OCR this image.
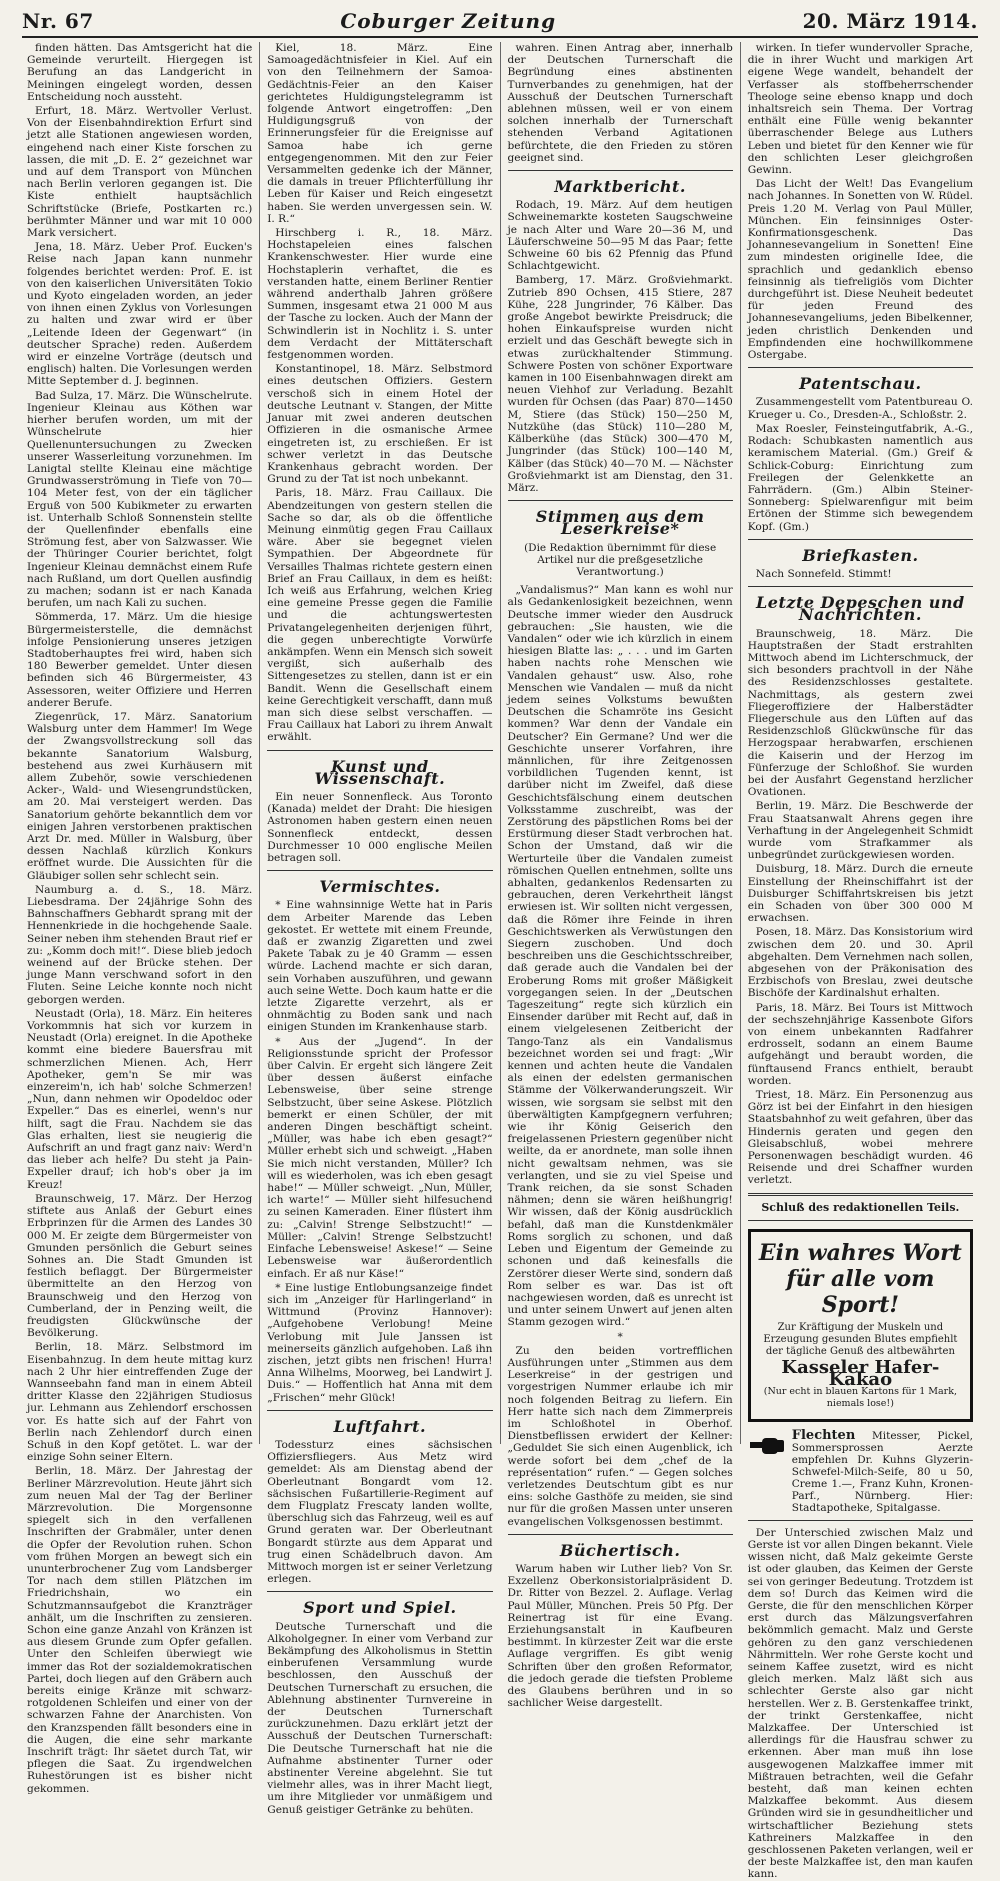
Nr. 67	Coburger Zeitung	20. März 1914.

finden hätten. Das Amtsgericht hat die Gemeinde verurteilt. Hiergegen ist Berufung an das Landgericht in Meiningen eingelegt worden, dessen Entscheidung noch aussteht.

Erfurt, 18. März. Wertvoller Verlust. Von der Eisenbahndirektion Erfurt sind jetzt alle Stationen angewiesen worden, eingehend nach einer Kiste forschen zu lassen, die mit „D. E. 2“ gezeichnet war und auf dem Transport von München nach Berlin verloren gegangen ist. Die Kiste enthielt hauptsächlich Schriftstücke (Briefe, Postkarten rc.) berühmter Männer und war mit 10 000 Mark versichert.

Jena, 18. März. Ueber Prof. Eucken's Reise nach Japan kann nunmehr folgendes berichtet werden: Prof. E. ist von den kaiserlichen Universitäten Tokio und Kyoto eingeladen worden, an jeder von ihnen einen Zyklus von Vorlesungen zu halten und zwar wird er über „Leitende Ideen der Gegenwart“ (in deutscher Sprache) reden. Außerdem wird er einzelne Vorträge (deutsch und englisch) halten. Die Vorlesungen werden Mitte September d. J. beginnen.

Bad Sulza, 17. März. Die Wünschelrute. Ingenieur Kleinau aus Köthen war hierher berufen worden, um mit der Wünschelrute hier Quellenuntersuchungen zu Zwecken unserer Wasserleitung vorzunehmen. Im Lanigtal stellte Kleinau eine mächtige Grundwasserströmung in Tiefe von 70—104 Meter fest, von der ein täglicher Erguß von 500 Kubikmeter zu erwarten ist. Unterhalb Schloß Sonnenstein stellte der Quellenfinder ebenfalls eine Strömung fest, aber von Salzwasser. Wie der Thüringer Courier berichtet, folgt Ingenieur Kleinau demnächst einem Rufe nach Rußland, um dort Quellen ausfindig zu machen; sodann ist er nach Kanada berufen, um nach Kali zu suchen.

Sömmerda, 17. März. Um die hiesige Bürgermeisterstelle, die demnächst infolge Pensionierung unseres jetzigen Stadtoberhauptes frei wird, haben sich 180 Bewerber gemeldet. Unter diesen befinden sich 46 Bürgermeister, 43 Assessoren, weiter Offiziere und Herren anderer Berufe.

Ziegenrück, 17. März. Sanatorium Walsburg unter dem Hammer! Im Wege der Zwangsvollstreckung soll das bekannte Sanatorium Walsburg, bestehend aus zwei Kurhäusern mit allem Zubehör, sowie verschiedenen Acker-, Wald- und Wiesengrundstücken, am 20. Mai versteigert werden. Das Sanatorium gehörte bekanntlich dem vor einigen Jahren verstorbenen praktischen Arzt Dr. med. Müller in Walsburg, über dessen Nachlaß kürzlich Konkurs eröffnet wurde. Die Aussichten für die Gläubiger sollen sehr schlecht sein.

Naumburg a. d. S., 18. März. Liebesdrama. Der 24jährige Sohn des Bahnschaffners Gebhardt sprang mit der Hennenkriede in die hochgehende Saale. Seiner neben ihm stehenden Braut rief er zu: „Komm doch mit!“. Diese blieb jedoch weinend auf der Brücke stehen. Der junge Mann verschwand sofort in den Fluten. Seine Leiche konnte noch nicht geborgen werden.

Neustadt (Orla), 18. März. Ein heiteres Vorkommnis hat sich vor kurzem in Neustadt (Orla) ereignet. In die Apotheke kommt eine biedere Bauersfrau mit schmerzlichen Mienen. Ach, Herr Apotheker, gem'n Se mir was einzereim'n, ich hab' solche Schmerzen! „Nun, dann nehmen wir Opodeldoc oder Expeller.“ Das es einerlei, wenn's nur hilft, sagt die Frau. Nachdem sie das Glas erhalten, liest sie neugierig die Aufschrift an und fragt ganz naiv: Werd'n das lieber ach helfe? Du steht ja Pain-Expeller drauf; ich hob's ober ja im Kreuz!

Braunschweig, 17. März. Der Herzog stiftete aus Anlaß der Geburt eines Erbprinzen für die Armen des Landes 30 000 M. Er zeigte dem Bürgermeister von Gmunden persönlich die Geburt seines Sohnes an. Die Stadt Gmunden ist festlich beflaggt. Der Bürgermeister übermittelte an den Herzog von Braunschweig und den Herzog von Cumberland, der in Penzing weilt, die freudigsten Glückwünsche der Bevölkerung.

Berlin, 18. März. Selbstmord im Eisenbahnzug. In dem heute mittag kurz nach 2 Uhr hier eintreffenden Zuge der Wannseebahn fand man in einem Abteil dritter Klasse den 22jährigen Studiosus jur. Lehmann aus Zehlendorf erschossen vor. Es hatte sich auf der Fahrt von Berlin nach Zehlendorf durch einen Schuß in den Kopf getötet. L. war der einzige Sohn seiner Eltern.

Berlin, 18. März. Der Jahrestag der Berliner Märzrevolution. Heute jährt sich zum neuen Mal der Tag der Berliner Märzrevolution. Die Morgensonne spiegelt sich in den verfallenen Inschriften der Grabmäler, unter denen die Opfer der Revolution ruhen. Schon vom frühen Morgen an bewegt sich ein ununterbrochener Zug vom Landsberger Tor nach dem stillen Plätzchen im Friedrichshain, wo ein Schutzmannsaufgebot die Kranzträger anhält, um die Inschriften zu zensieren. Schon eine ganze Anzahl von Kränzen ist aus diesem Grunde zum Opfer gefallen. Unter den Schleifen überwiegt wie immer das Rot der sozialdemokratischen Partei, doch liegen auf den Gräbern auch bereits einige Kränze mit schwarz-rotgoldenen Schleifen und einer von der schwarzen Fahne der Anarchisten. Von den Kranzspenden fällt besonders eine in die Augen, die eine sehr markante Inschrift trägt: Ihr säetet durch Tat, wir pflegen die Saat. Zu irgendwelchen Ruhestörungen ist es bisher nicht gekommen.

Kiel, 18. März. Eine Samoagedächtnisfeier in Kiel. Auf ein von den Teilnehmern der Samoa-Gedächtnis-Feier an den Kaiser gerichtetes Huldigungstelegramm ist folgende Antwort eingetroffen: „Den Huldigungsgruß von der Erinnerungsfeier für die Ereignisse auf Samoa habe ich gerne entgegengenommen. Mit den zur Feier Versammelten gedenke ich der Männer, die damals in treuer Pflichterfüllung ihr Leben für Kaiser und Reich eingesetzt haben. Sie werden unvergessen sein. W. I. R.“

Hirschberg i. R., 18. März. Hochstapeleien eines falschen Krankenschwester. Hier wurde eine Hochstaplerin verhaftet, die es verstanden hatte, einem Berliner Rentier während anderthalb Jahren größere Summen, insgesamt etwa 21 000 M aus der Tasche zu locken. Auch der Mann der Schwindlerin ist in Nochlitz i. S. unter dem Verdacht der Mittäterschaft festgenommen worden.

Konstantinopel, 18. März. Selbstmord eines deutschen Offiziers. Gestern verschoß sich in einem Hotel der deutsche Leutnant v. Stangen, der Mitte Januar mit zwei anderen deutschen Offizieren in die osmanische Armee eingetreten ist, zu erschießen. Er ist schwer verletzt in das Deutsche Krankenhaus gebracht worden. Der Grund zu der Tat ist noch unbekannt.

Paris, 18. März. Frau Caillaux. Die Abendzeitungen von gestern stellen die Sache so dar, als ob die öffentliche Meinung einmütig gegen Frau Caillaux wäre. Aber sie begegnet vielen Sympathien. Der Abgeordnete für Versailles Thalmas richtete gestern einen Brief an Frau Caillaux, in dem es heißt: Ich weiß aus Erfahrung, welchen Krieg eine gemeine Presse gegen die Familie und die achtungswertesten Privatangelegenheiten derjenigen führt, die gegen unberechtigte Vorwürfe ankämpfen. Wenn ein Mensch sich soweit vergißt, sich außerhalb des Sittengesetzes zu stellen, dann ist er ein Bandit. Wenn die Gesellschaft einem keine Gerechtigkeit verschafft, dann muß man sich diese selbst verschaffen. — Frau Caillaux hat Labori zu ihrem Anwalt erwählt.

Kunst und Wissenschaft.

Ein neuer Sonnenfleck. Aus Toronto (Kanada) meldet der Draht: Die hiesigen Astronomen haben gestern einen neuen Sonnenfleck entdeckt, dessen Durchmesser 10 000 englische Meilen betragen soll.

Vermischtes.

* Eine wahnsinnige Wette hat in Paris dem Arbeiter Marende das Leben gekostet. Er wettete mit einem Freunde, daß er zwanzig Zigaretten und zwei Pakete Tabak zu je 40 Gramm — essen würde. Lachend machte er sich daran, sein Vorhaben auszuführen, und gewann auch seine Wette. Doch kaum hatte er die letzte Zigarette verzehrt, als er ohnmächtig zu Boden sank und nach einigen Stunden im Krankenhause starb.

* Aus der „Jugend“. In der Religionsstunde spricht der Professor über Calvin. Er ergeht sich längere Zeit über dessen äußerst einfache Lebensweise, über seine strenge Selbstzucht, über seine Askese. Plötzlich bemerkt er einen Schüler, der mit anderen Dingen beschäftigt scheint. „Müller, was habe ich eben gesagt?“ Müller erhebt sich und schweigt. „Haben Sie mich nicht verstanden, Müller? Ich will es wiederholen, was ich eben gesagt habe!“ — Müller schweigt. „Nun, Müller, ich warte!“ — Müller sieht hilfesuchend zu seinen Kameraden. Einer flüstert ihm zu: „Calvin! Strenge Selbstzucht!“ — Müller: „Calvin! Strenge Selbstzucht! Einfache Lebensweise! Askese!“ — Seine Lebensweise war äußerordentlich einfach. Er aß nur Käse!“

* Eine lustige Entlobungsanzeige findet sich im „Anzeiger für Harlingerland“ in Wittmund (Provinz Hannover): „Aufgehobene Verlobung! Meine Verlobung mit Jule Janssen ist meinerseits gänzlich aufgehoben. Laß ihn zischen, jetzt gibts nen frischen! Hurra! Anna Wilhelms, Moorweg, bei Landwirt J. Duis.“ — Hoffentlich hat Anna mit dem „Frischen“ mehr Glück!

Luftfahrt.

Todessturz eines sächsischen Offiziersfliegers. Aus Metz wird gemeldet: Als am Dienstag abend der Oberleutnant Bongardt vom 12. sächsischen Fußartillerie-Regiment auf dem Flugplatz Frescaty landen wollte, überschlug sich das Fahrzeug, weil es auf Grund geraten war. Der Oberleutnant Bongardt stürzte aus dem Apparat und trug einen Schädelbruch davon. Am Mittwoch morgen ist er seiner Verletzung erlegen.

Sport und Spiel.

Deutsche Turnerschaft und die Alkoholgegner. In einer vom Verband zur Bekämpfung des Alkoholismus in Stettin einberufenen Versammlung wurde beschlossen, den Ausschuß der Deutschen Turnerschaft zu ersuchen, die Ablehnung abstinenter Turnvereine in der Deutschen Turnerschaft zurückzunehmen. Dazu erklärt jetzt der Ausschuß der Deutschen Turnerschaft: Die Deutsche Turnerschaft hat nie die Aufnahme abstinenter Turner oder abstinenter Vereine abgelehnt. Sie tut vielmehr alles, was in ihrer Macht liegt, um ihre Mitglieder vor unmäßigem und Genuß geistiger Getränke zu behüten.

wahren. Einen Antrag aber, innerhalb der Deutschen Turnerschaft die Begründung eines abstinenten Turnverbandes zu genehmigen, hat der Ausschuß der Deutschen Turnerschaft ablehnen müssen, weil er von einem solchen innerhalb der Turnerschaft stehenden Verband Agitationen befürchtete, die den Frieden zu stören geeignet sind.

Marktbericht.

Rodach, 19. März. Auf dem heutigen Schweinemarkte kosteten Saugschweine je nach Alter und Ware 20—36 M, und Läuferschweine 50—95 M das Paar; fette Schweine 60 bis 62 Pfennig das Pfund Schlachtgewicht.

Bamberg, 17. März. Großviehmarkt. Zutrieb 890 Ochsen, 415 Stiere, 287 Kühe, 228 Jungrinder, 76 Kälber. Das große Angebot bewirkte Preisdruck; die hohen Einkaufspreise wurden nicht erzielt und das Geschäft bewegte sich in etwas zurückhaltender Stimmung. Schwere Posten von schöner Exportware kamen in 100 Eisenbahnwagen direkt am neuen Viehhof zur Verladung. Bezahlt wurden für Ochsen (das Paar) 870—1450 M, Stiere (das Stück) 150—250 M, Nutzkühe (das Stück) 110—280 M, Kälberkühe (das Stück) 300—470 M, Jungrinder (das Stück) 100—140 M, Kälber (das Stück) 40—70 M. — Nächster Großviehmarkt ist am Dienstag, den 31. März.

Stimmen aus dem Leserkreise*
(Die Redaktion übernimmt für diese Artikel nur die preßgesetzliche Verantwortung.)

„Vandalismus?“ Man kann es wohl nur als Gedankenlosigkeit bezeichnen, wenn Deutsche immer wieder den Ausdruck gebrauchen: „Sie hausten, wie die Vandalen“ oder wie ich kürzlich in einem hiesigen Blatte las: „ . . . und im Garten haben nachts rohe Menschen wie Vandalen gehaust“ usw. Also, rohe Menschen wie Vandalen — muß da nicht jedem seines Volkstums bewußten Deutschen die Schamröte ins Gesicht kommen? War denn der Vandale ein Deutscher? Ein Germane? Und wer die Geschichte unserer Vorfahren, ihre männlichen, für ihre Zeitgenossen vorbildlichen Tugenden kennt, ist darüber nicht im Zweifel, daß diese Geschichtsfälschung einem deutschen Volksstamme zuschreibt, was der Zerstörung des päpstlichen Roms bei der Erstürmung dieser Stadt verbrochen hat. Schon der Umstand, daß wir die Werturteile über die Vandalen zumeist römischen Quellen entnehmen, sollte uns abhalten, gedankenlos Redensarten zu gebrauchen, deren Verkehrtheit längst erwiesen ist. Wir sollten nicht vergessen, daß die Römer ihre Feinde in ihren Geschichtswerken als Verwüstungen den Siegern zuschoben. Und doch beschreiben uns die Geschichtsschreiber, daß gerade auch die Vandalen bei der Eroberung Roms mit großer Mäßigkeit vorgegangen seien. In der „Deutschen Tageszeitung“ regte sich kürzlich ein Einsender darüber mit Recht auf, daß in einem vielgelesenen Zeitbericht der Tango-Tanz als ein Vandalismus bezeichnet worden sei und fragt: „Wir kennen und achten heute die Vandalen als einen der edelsten germanischen Stämme der Völkerwanderungszeit. Wir wissen, wie sorgsam sie selbst mit den überwältigten Kampfgegnern verfuhren; wie ihr König Geiserich den freigelassenen Priestern gegenüber nicht weilte, da er anordnete, man solle ihnen nicht gewaltsam nehmen, was sie verlangten, und sie zu viel Speise und Trank reichen, da sie sonst Schaden nähmen; denn sie wären heißhungrig! Wir wissen, daß der König ausdrücklich befahl, daß man die Kunstdenkmäler Roms sorglich zu schonen, und daß Leben und Eigentum der Gemeinde zu schonen und daß keinesfalls die Zerstörer dieser Werte sind, sondern daß Rom selber es war. Das ist oft nachgewiesen worden, daß es unrecht ist und unter seinem Unwert auf jenen alten Stamm gezogen wird.“

*

Zu den beiden vortrefflichen Ausführungen unter „Stimmen aus dem Leserkreise“ in der gestrigen und vorgestrigen Nummer erlaube ich mir noch folgenden Beitrag zu liefern. Ein Herr hatte sich nach dem Zimmerpreis im Schloßhotel in Oberhof. Dienstbeflissen erwidert der Kellner: „Geduldet Sie sich einen Augenblick, ich werde sofort bei dem „chef de la représentation“ rufen.“ — Gegen solches verletzendes Deutschtum gibt es nur eins: solche Gasthöfe zu meiden, sie sind nur für die großen Massen unter unseren evangelischen Volksgenossen bestimmt.

Büchertisch.

Warum haben wir Luther lieb? Von Sr. Exzellenz Oberkonsistorialpräsident D. Dr. Ritter von Bezzel. 2. Auflage. Verlag Paul Müller, München. Preis 50 Pfg. Der Reinertrag ist für eine Evang. Erziehungsanstalt in Kaufbeuren bestimmt. In kürzester Zeit war die erste Auflage vergriffen. Es gibt wenig Schriften über den großen Reformator, die jedoch gerade die tiefsten Probleme des Glaubens berühren und in so sachlicher Weise dargestellt.

wirken. In tiefer wundervoller Sprache, die in ihrer Wucht und markigen Art eigene Wege wandelt, behandelt der Verfasser als stoffbeherrschender Theologe seine ebenso knapp und doch inhaltsreich sein Thema. Der Vortrag enthält eine Fülle wenig bekannter überraschender Belege aus Luthers Leben und bietet für den Kenner wie für den schlichten Leser gleichgroßen Gewinn.

Das Licht der Welt! Das Evangelium nach Johannes. In Sonetten von W. Rüdel. Preis 1.20 M. Verlag von Paul Müller, München. Ein feinsinniges Oster- Konfirmationsgeschenk. Das Johannesevangelium in Sonetten! Eine zum mindesten originelle Idee, die sprachlich und gedanklich ebenso feinsinnig als tiefreligiös vom Dichter durchgeführt ist. Diese Neuheit bedeutet für jeden Freund des Johannesevangeliums, jeden Bibelkenner, jeden christlich Denkenden und Empfindenden eine hochwillkommene Ostergabe.

Patentschau.

Zusammengestellt vom Patentbureau O. Krueger u. Co., Dresden-A., Schloßstr. 2.

Max Roesler, Feinsteingutfabrik, A.-G., Rodach: Schubkasten namentlich aus keramischem Material. (Gm.) Greif & Schlick-Coburg: Einrichtung zum Freilegen der Gelenkkette an Fahrrädern. (Gm.) Albin Steiner-Sonneberg: Spielwarenfigur mit beim Ertönen der Stimme sich bewegendem Kopf. (Gm.)

Briefkasten.

Nach Sonnefeld. Stimmt!

Letzte Depeschen und Nachrichten.

Braunschweig, 18. März. Die Hauptstraßen der Stadt erstrahlten Mittwoch abend im Lichterschmuck, der sich besonders prachtvoll in der Nähe des Residenzschlosses gestaltete. Nachmittags, als gestern zwei Fliegeroffiziere der Halberstädter Fliegerschule aus den Lüften auf das Residenzschloß Glückwünsche für das Herzogspaar herabwarfen, erschienen die Kaiserin und der Herzog im Fünferzuge der Schloßhof. Sie wurden bei der Ausfahrt Gegenstand herzlicher Ovationen.

Berlin, 19. März. Die Beschwerde der Frau Staatsanwalt Ahrens gegen ihre Verhaftung in der Angelegenheit Schmidt wurde vom Strafkammer als unbegründet zurückgewiesen worden.

Duisburg, 18. März. Durch die erneute Einstellung der Rheinschiffahrt ist der Duisburger Schiffahrtskreisen bis jetzt ein Schaden von über 300 000 M erwachsen.

Posen, 18. März. Das Konsistorium wird zwischen dem 20. und 30. April abgehalten. Dem Vernehmen nach sollen, abgesehen von der Präkonisation des Erzbischofs von Breslau, zwei deutsche Bischöfe der Kardinalshut erhalten.

Paris, 18. März. Bei Tours ist Mittwoch der sechszehnjährige Kassenbote Gifors von einem unbekannten Radfahrer erdrosselt, sodann an einem Baume aufgehängt und beraubt worden, die fünftausend Francs enthielt, beraubt worden.

Triest, 18. März. Ein Personenzug aus Görz ist bei der Einfahrt in den hiesigen Staatsbahnhof zu weit gefahren, über das Hindernis geraten und gegen den Gleisabschluß, wobei mehrere Personenwagen beschädigt wurden. 46 Reisende und drei Schaffner wurden verletzt.

Schluß des redaktionellen Teils.
Ein wahres Wort
für alle vom Sport!
Zur Kräftigung der Muskeln und Erzeugung gesunden Blutes empfiehlt der tägliche Genuß des altbewährten
Kasseler Hafer-Kakao
(Nur echt in blauen Kartons für 1 Mark, niemals lose!)
Flechten Mitesser, Pickel, Sommersprossen Aerzte empfehlen Dr. Kuhns Glyzerin-Schwefel-Milch-Seife, 80 u 50, Creme 1.—, Franz Kuhn, Kronen-Parf., Nürnberg. Hier: Stadtapotheke, Spitalgasse.

Der Unterschied zwischen Malz und Gerste ist vor allen Dingen bekannt. Viele wissen nicht, daß Malz gekeimte Gerste ist oder glauben, das Keimen der Gerste sei von geringer Bedeutung. Trotzdem ist dem so! Durch das Keimen wird die Gerste, die für den menschlichen Körper erst durch das Mälzungsverfahren bekömmlich gemacht. Malz und Gerste gehören zu den ganz verschiedenen Nährmitteln. Wer rohe Gerste kocht und seinem Kaffee zusetzt, wird es nicht gleich merken. Malz läßt sich aus schlechter Gerste also gar nicht herstellen. Wer z. B. Gerstenkaffee trinkt, der trinkt Gerstenkaffee, nicht Malzkaffee. Der Unterschied ist allerdings für die Hausfrau schwer zu erkennen. Aber man muß ihn lose ausgewogenen Malzkaffee immer mit Mißtrauen betrachten, weil die Gefahr besteht, daß man keinen echten Malzkaffee bekommt. Aus diesem Gründen wird sie in gesundheitlicher und wirtschaftlicher Beziehung stets Kathreiners Malzkaffee in den geschlossenen Paketen verlangen, weil er der beste Malzkaffee ist, den man kaufen kann.
